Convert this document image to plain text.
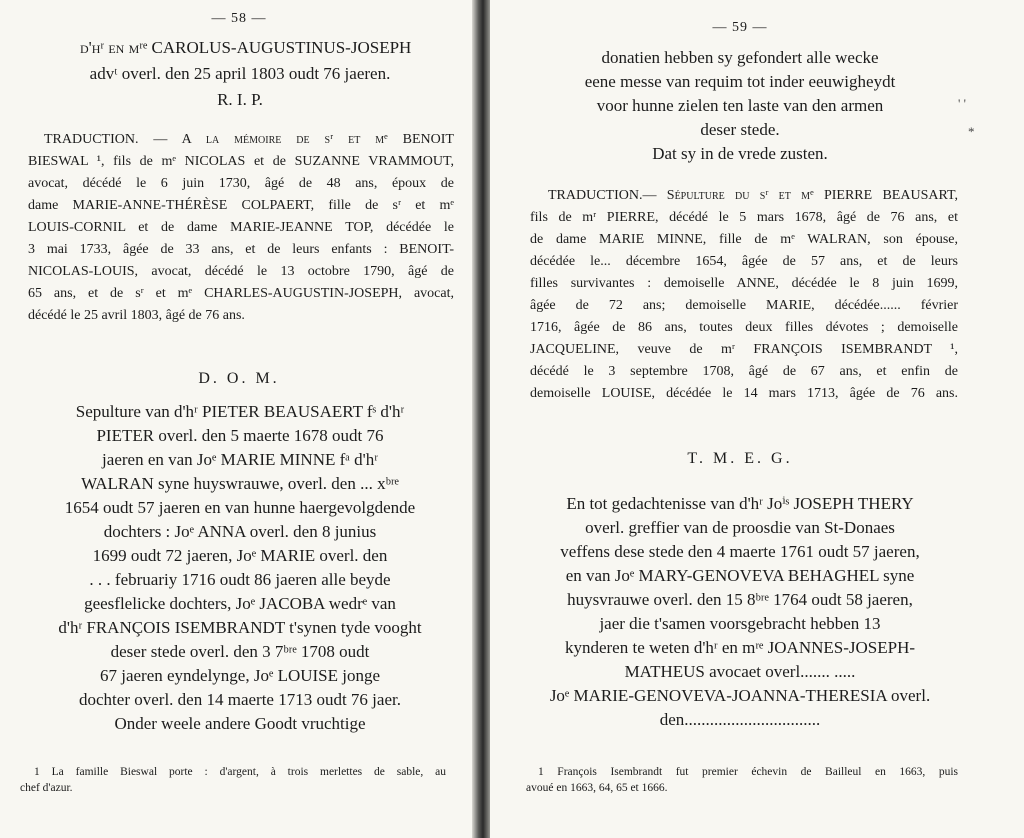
— 58 —
d'hʳ en mʳᵉ CAROLUS-AUGUSTINUS-JOSEPH
advᵗ overl. den 25 april 1803 oudt 76 jaeren.
R. I. P.
TRADUCTION. — A la mémoire de sʳ et mᵉ BENOIT
BIESWAL ¹, fils de mᵉ NICOLAS et de SUZANNE VRAMMOUT,
avocat, décédé le 6 juin 1730, âgé de 48 ans, époux de
dame MARIE-ANNE-THÉRÈSE COLPAERT, fille de sʳ et mᵉ
LOUIS-CORNIL et de dame MARIE-JEANNE TOP, décédée le
3 mai 1733, âgée de 33 ans, et de leurs enfants : BENOIT-
NICOLAS-LOUIS, avocat, décédé le 13 octobre 1790, âgé de
65 ans, et de sʳ et mᵉ CHARLES-AUGUSTIN-JOSEPH, avocat,
décédé le 25 avril 1803, âgé de 76 ans.
D. O. M.
Sepulture van d'hʳ PIETER BEAUSAERT fˢ d'hʳ
PIETER overl. den 5 maerte 1678 oudt 76
jaeren en van Joᵉ MARIE MINNE fᵃ d'hʳ
WALRAN syne huyswrauwe, overl. den ... xᵇʳᵉ
1654 oudt 57 jaeren en van hunne haergevolgdende
dochters : Joᵉ ANNA overl. den 8 junius
1699 oudt 72 jaeren, Joᵉ MARIE overl. den
. . . februariy 1716 oudt 86 jaeren alle beyde
geesflelicke dochters, Joᵉ JACOBA wedrᵉ van
d'hʳ FRANÇOIS ISEMBRANDT t'synen tyde vooght
deser stede overl. den 3 7ᵇʳᵉ 1708 oudt
67 jaeren eyndelynge, Joᵉ LOUISE jonge
dochter overl. den 14 maerte 1713 oudt 76 jaer.
Onder weele andere Goodt vruchtige
1 La famille Bieswal porte : d'argent, à trois merlettes de sable, au
chef d'azur.
— 59 —
donatien hebben sy gefondert alle wecke
eene messe van requim tot inder eeuwigheydt
voor hunne zielen ten laste van den armen
deser stede.
Dat sy in de vrede zusten.
' '
*
TRADUCTION.— Sépulture du sʳ et mᵉ PIERRE BEAUSART,
fils de mʳ PIERRE, décédé le 5 mars 1678, âgé de 76 ans, et
de dame MARIE MINNE, fille de mᵉ WALRAN, son épouse,
décédée le... décembre 1654, âgée de 57 ans, et de leurs
filles survivantes : demoiselle ANNE, décédée le 8 juin 1699,
âgée de 72 ans; demoiselle MARIE, décédée...... février
1716, âgée de 86 ans, toutes deux filles dévotes ; demoiselle
JACQUELINE, veuve de mʳ FRANÇOIS ISEMBRANDT ¹,
décédé le 3 septembre 1708, âgé de 67 ans, et enfin de
demoiselle LOUISE, décédée le 14 mars 1713, âgée de 76 ans.
T. M. E. G.
En tot gedachtenisse van d'hʳ Joⁱˢ JOSEPH THERY
overl. greffier van de proosdie van St-Donaes
veffens dese stede den 4 maerte 1761 oudt 57 jaeren,
en van Joᵉ MARY-GENOVEVA BEHAGHEL syne
huysvrauwe overl. den 15 8ᵇʳᵉ 1764 oudt 58 jaeren,
jaer die t'samen voorsgebracht hebben 13
kynderen te weten d'hʳ en mʳᵉ JOANNES-JOSEPH-
MATHEUS avocaet overl....... .....
Joᵉ MARIE-GENOVEVA-JOANNA-THERESIA overl.
den................................
1 François Isembrandt fut premier échevin de Bailleul en 1663, puis
avoué en 1663, 64, 65 et 1666.
